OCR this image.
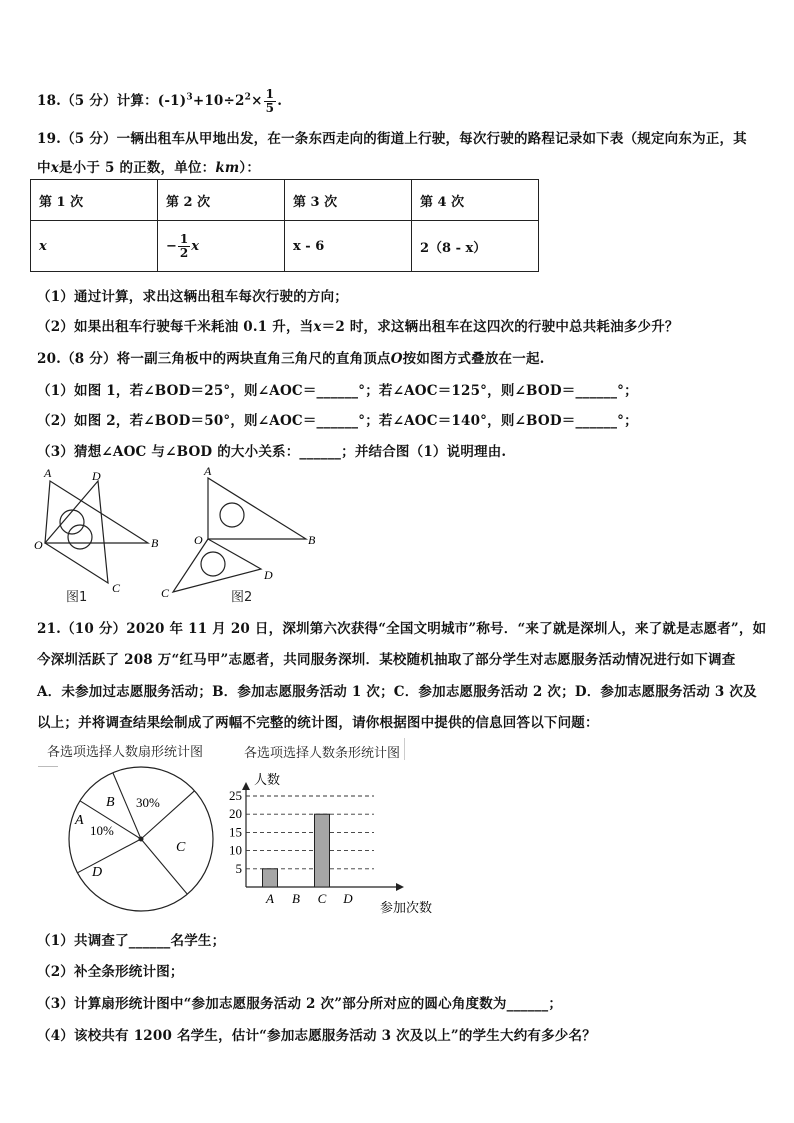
18.（5 分）计算：$(-1)^3+10\div 2^2\times \frac{1}{5}$ .
19.（5 分）一辆出租车从甲地出发，在一条东西走向的街道上行驶，每次行驶的路程记录如下表（规定向东为正，其
中x是小于 5 的正数，单位：km）：
第 1 次	第 2 次	第 3 次	第 4 次
x	− $\frac{1}{2}$ x	x - 6	2（8 - x）
（1）通过计算，求出这辆出租车每次行驶的方向；
（2）如果出租车行驶每千米耗油 0.1 升，当x＝2 时，求这辆出租车在这四次的行驶中总共耗油多少升？
20.（8 分）将一副三角板中的两块直角三角尺的直角顶点O按如图方式叠放在一起.
（1）如图 1，若∠BOD＝25°，则∠AOC＝______°；若∠AOC＝125°，则∠BOD＝______°；
（2）如图 2，若∠BOD＝50°，则∠AOC＝______°；若∠AOC＝140°，则∠BOD＝______°；
（3）猜想∠AOC 与∠BOD 的大小关系：______；并结合图（1）说明理由.
A	D
O	B
C
图1
A
O	B
C
D
图2
21.（10 分）2020 年 11 月 20 日，深圳第六次获得“全国文明城市”称号．“来了就是深圳人，来了就是志愿者”，如
今深圳活跃了 208 万“红马甲”志愿者，共同服务深圳．某校随机抽取了部分学生对志愿服务活动情况进行如下调查
A．未参加过志愿服务活动；B．参加志愿服务活动 1 次；C．参加志愿服务活动 2 次；D．参加志愿服务活动 3 次及
以上；并将调查结果绘制成了两幅不完整的统计图，请你根据图中提供的信息回答以下问题：
各选项选择人数扇形统计图	各选项选择人数条形统计图
A
10%
B 30%
C
D	5
10
15
20
25
A B C D
人数
参加次数
（1）共调查了______名学生；
（2）补全条形统计图；
（3）计算扇形统计图中“参加志愿服务活动 2 次”部分所对应的圆心角度数为______；
（4）该校共有 1200 名学生，估计“参加志愿服务活动 3 次及以上”的学生大约有多少名？
